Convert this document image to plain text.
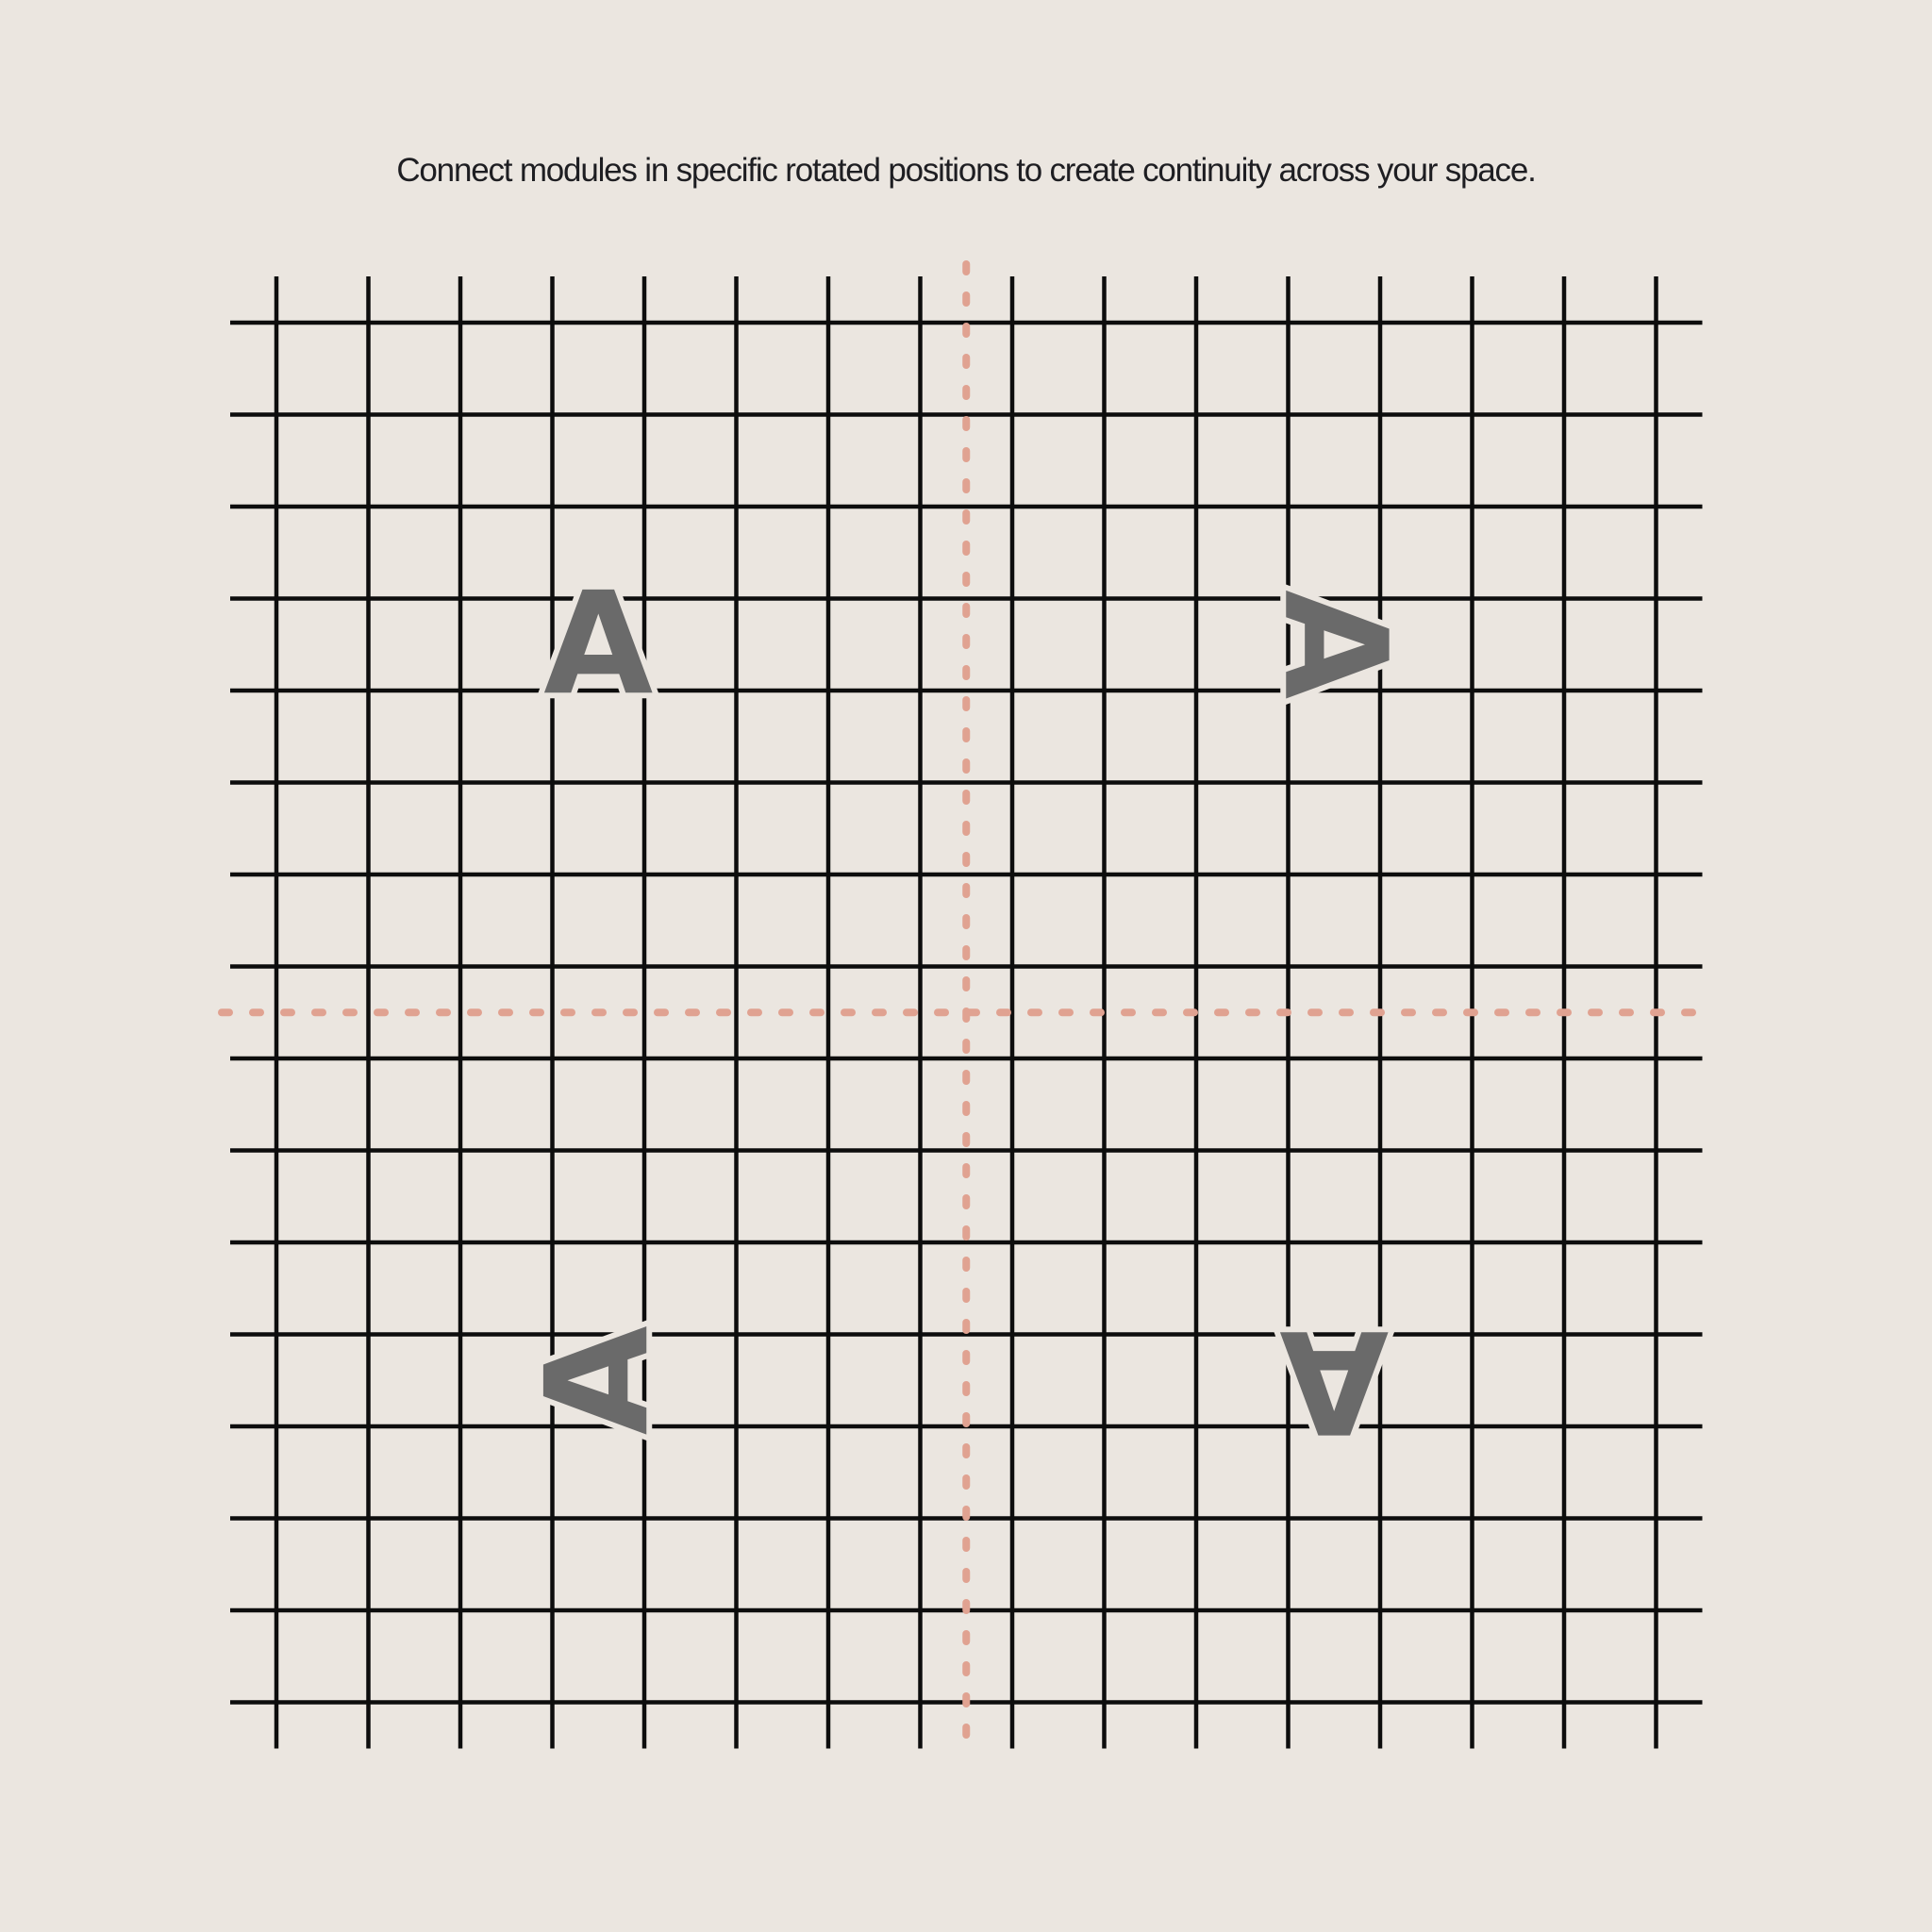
Connect modules in specific rotated positions to create continuity across your space.
A	A
A	A
